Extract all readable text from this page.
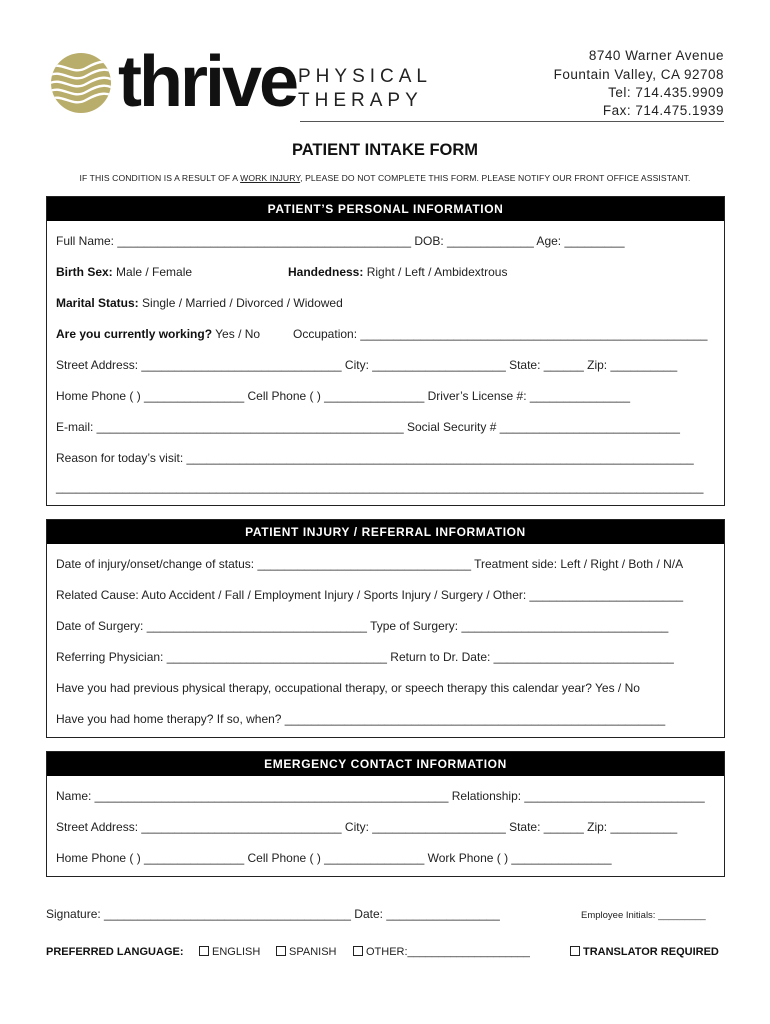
thrive PHYSICAL
THERAPY
8740 Warner Avenue
Fountain Valley, CA 92708
Tel: 714.435.9909
Fax: 714.475.1939
PATIENT INTAKE FORM
IF THIS CONDITION IS A RESULT OF A WORK INJURY, PLEASE DO NOT COMPLETE THIS FORM. PLEASE NOTIFY OUR FRONT OFFICE ASSISTANT.
PATIENT’S PERSONAL INFORMATION
Full Name: ____________________________________________ DOB: _____________ Age: _________
Birth Sex: Male / Female	Handedness: Right / Left / Ambidextrous
Marital Status: Single / Married / Divorced / Widowed
Are you currently working? Yes / No	Occupation: ____________________________________________________
Street Address: ______________________________ City: ____________________ State: ______ Zip: __________
Home Phone ( ) _______________ Cell Phone ( ) _______________ Driver’s License #: _______________
E-mail: ______________________________________________ Social Security # ___________________________
Reason for today’s visit: ____________________________________________________________________________
_________________________________________________________________________________________________
PATIENT INJURY / REFERRAL INFORMATION
Date of injury/onset/change of status: ________________________________ Treatment side: Left / Right / Both / N/A
Related Cause: Auto Accident / Fall / Employment Injury / Sports Injury / Surgery / Other: _______________________
Date of Surgery: _________________________________ Type of Surgery: _______________________________
Referring Physician: _________________________________ Return to Dr. Date: ___________________________
Have you had previous physical therapy, occupational therapy, or speech therapy this calendar year? Yes / No
Have you had home therapy? If so, when? _________________________________________________________
EMERGENCY CONTACT INFORMATION
Name: _____________________________________________________ Relationship: ___________________________
Street Address: ______________________________ City: ____________________ State: ______ Zip: __________
Home Phone ( ) _______________ Cell Phone ( ) _______________ Work Phone ( ) _______________
Signature: _____________________________________ Date: _________________	Employee Initials: _________
PREFERRED LANGUAGE:	ENGLISH	SPANISH	OTHER:____________________	TRANSLATOR REQUIRED
